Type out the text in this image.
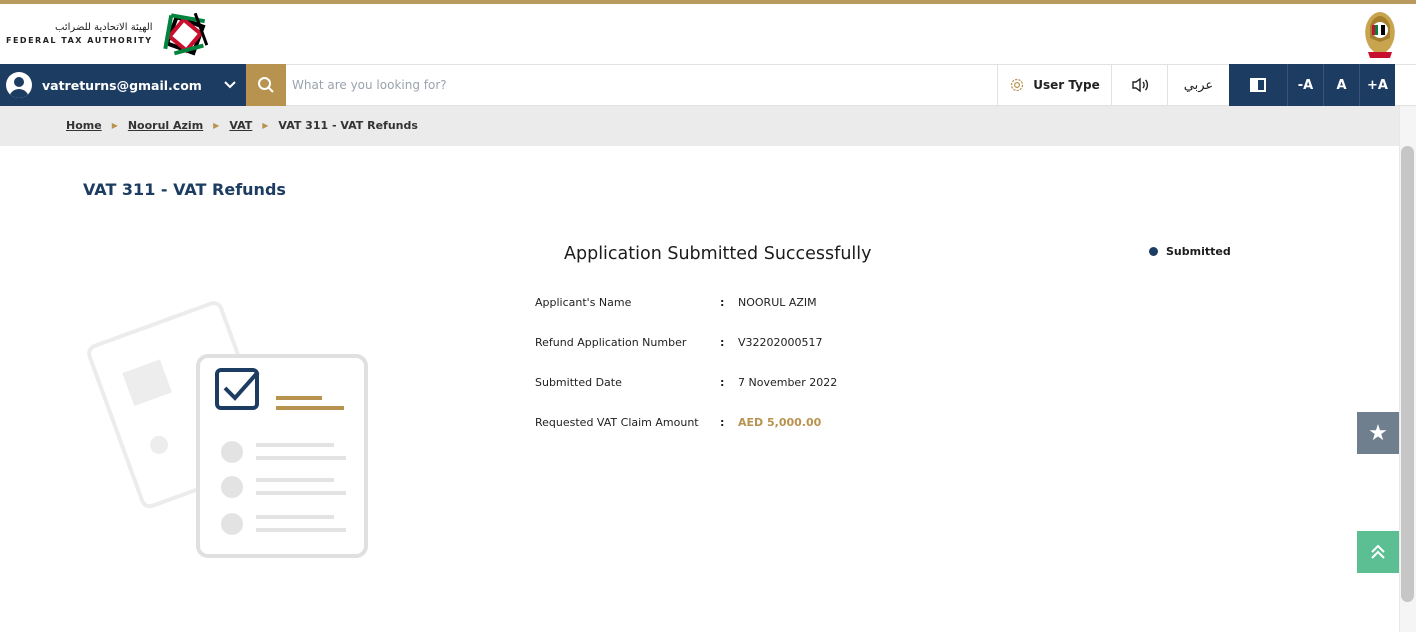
الهيئة الاتحادية للضرائب
FEDERAL TAX AUTHORITY
vatreturns@gmail.com
What are you looking for?	User Type	عربي	-A	A	+A
Home ▶ Noorul Azim ▶ VAT ▶ VAT 311 - VAT Refunds
VAT 311 - VAT Refunds
Application Submitted Successfully	Submitted
Applicant's Name	:	NOORUL AZIM
Refund Application Number	:	V32202000517
Submitted Date	:	7 November 2022
Requested VAT Claim Amount	:	AED 5,000.00	★
